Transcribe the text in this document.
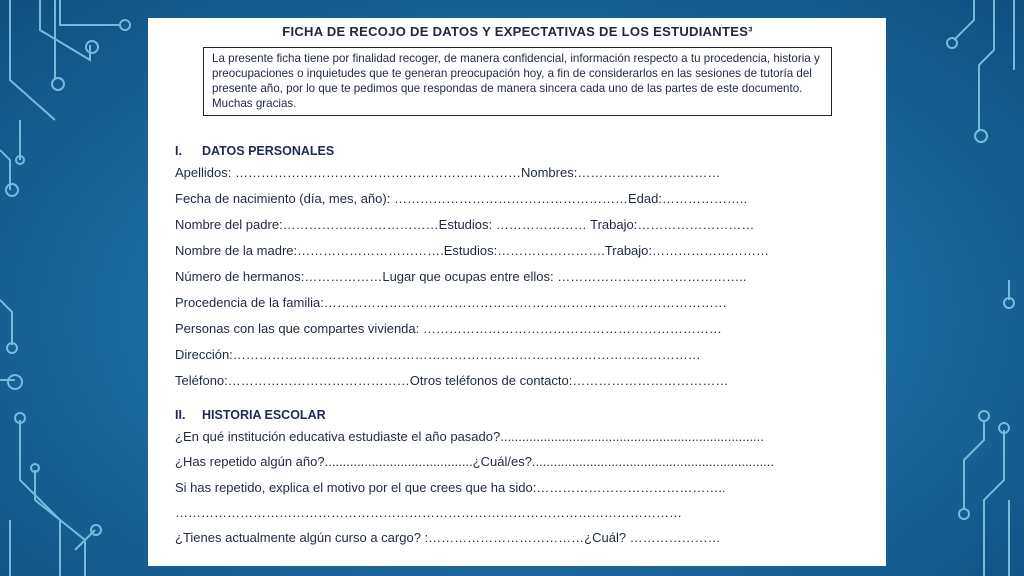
FICHA DE RECOJO DE DATOS Y EXPECTATIVAS DE LOS ESTUDIANTES³
La presente ficha tiene por finalidad recoger, de manera confidencial, información respecto a tu procedencia, historia y preocupaciones o inquietudes que te generan preocupación hoy, a fin de considerarlos en las sesiones de tutoría del presente año, por lo que te pedimos que respondas de manera sincera cada uno de las partes de este documento. Muchas gracias.
I.	DATOS PERSONALES
Apellidos: …………………………………………………………Nombres:……………………………
Fecha de nacimiento (día, mes, año): ………………………………………………Edad:………………..
Nombre del padre:………………………………Estudios: ………………… Trabajo:………………………
Nombre de la madre:…………………………….Estudios:…………………….Trabajo:………………………
Número de hermanos:………………Lugar que ocupas entre ellos: ……………………………………..
Procedencia de la familia:…………………………………………………………………………………
Personas con las que compartes vivienda: ……………………………………………………………
Dirección:………………………………………………………………………………………………
Teléfono:……………………………………Otros teléfonos de contacto:………………………………
II.	HISTORIA ESCOLAR
¿En qué institución educativa estudiaste el año pasado?.........................................................................
¿Has repetido algún año?.........................................¿Cuál/es?...................................................................
Si has repetido, explica el motivo por el que crees que ha sido:……………………………………..
………………………………………………………………………………………………………
¿Tienes actualmente algún curso a cargo? :………………………………¿Cuál? …………………
